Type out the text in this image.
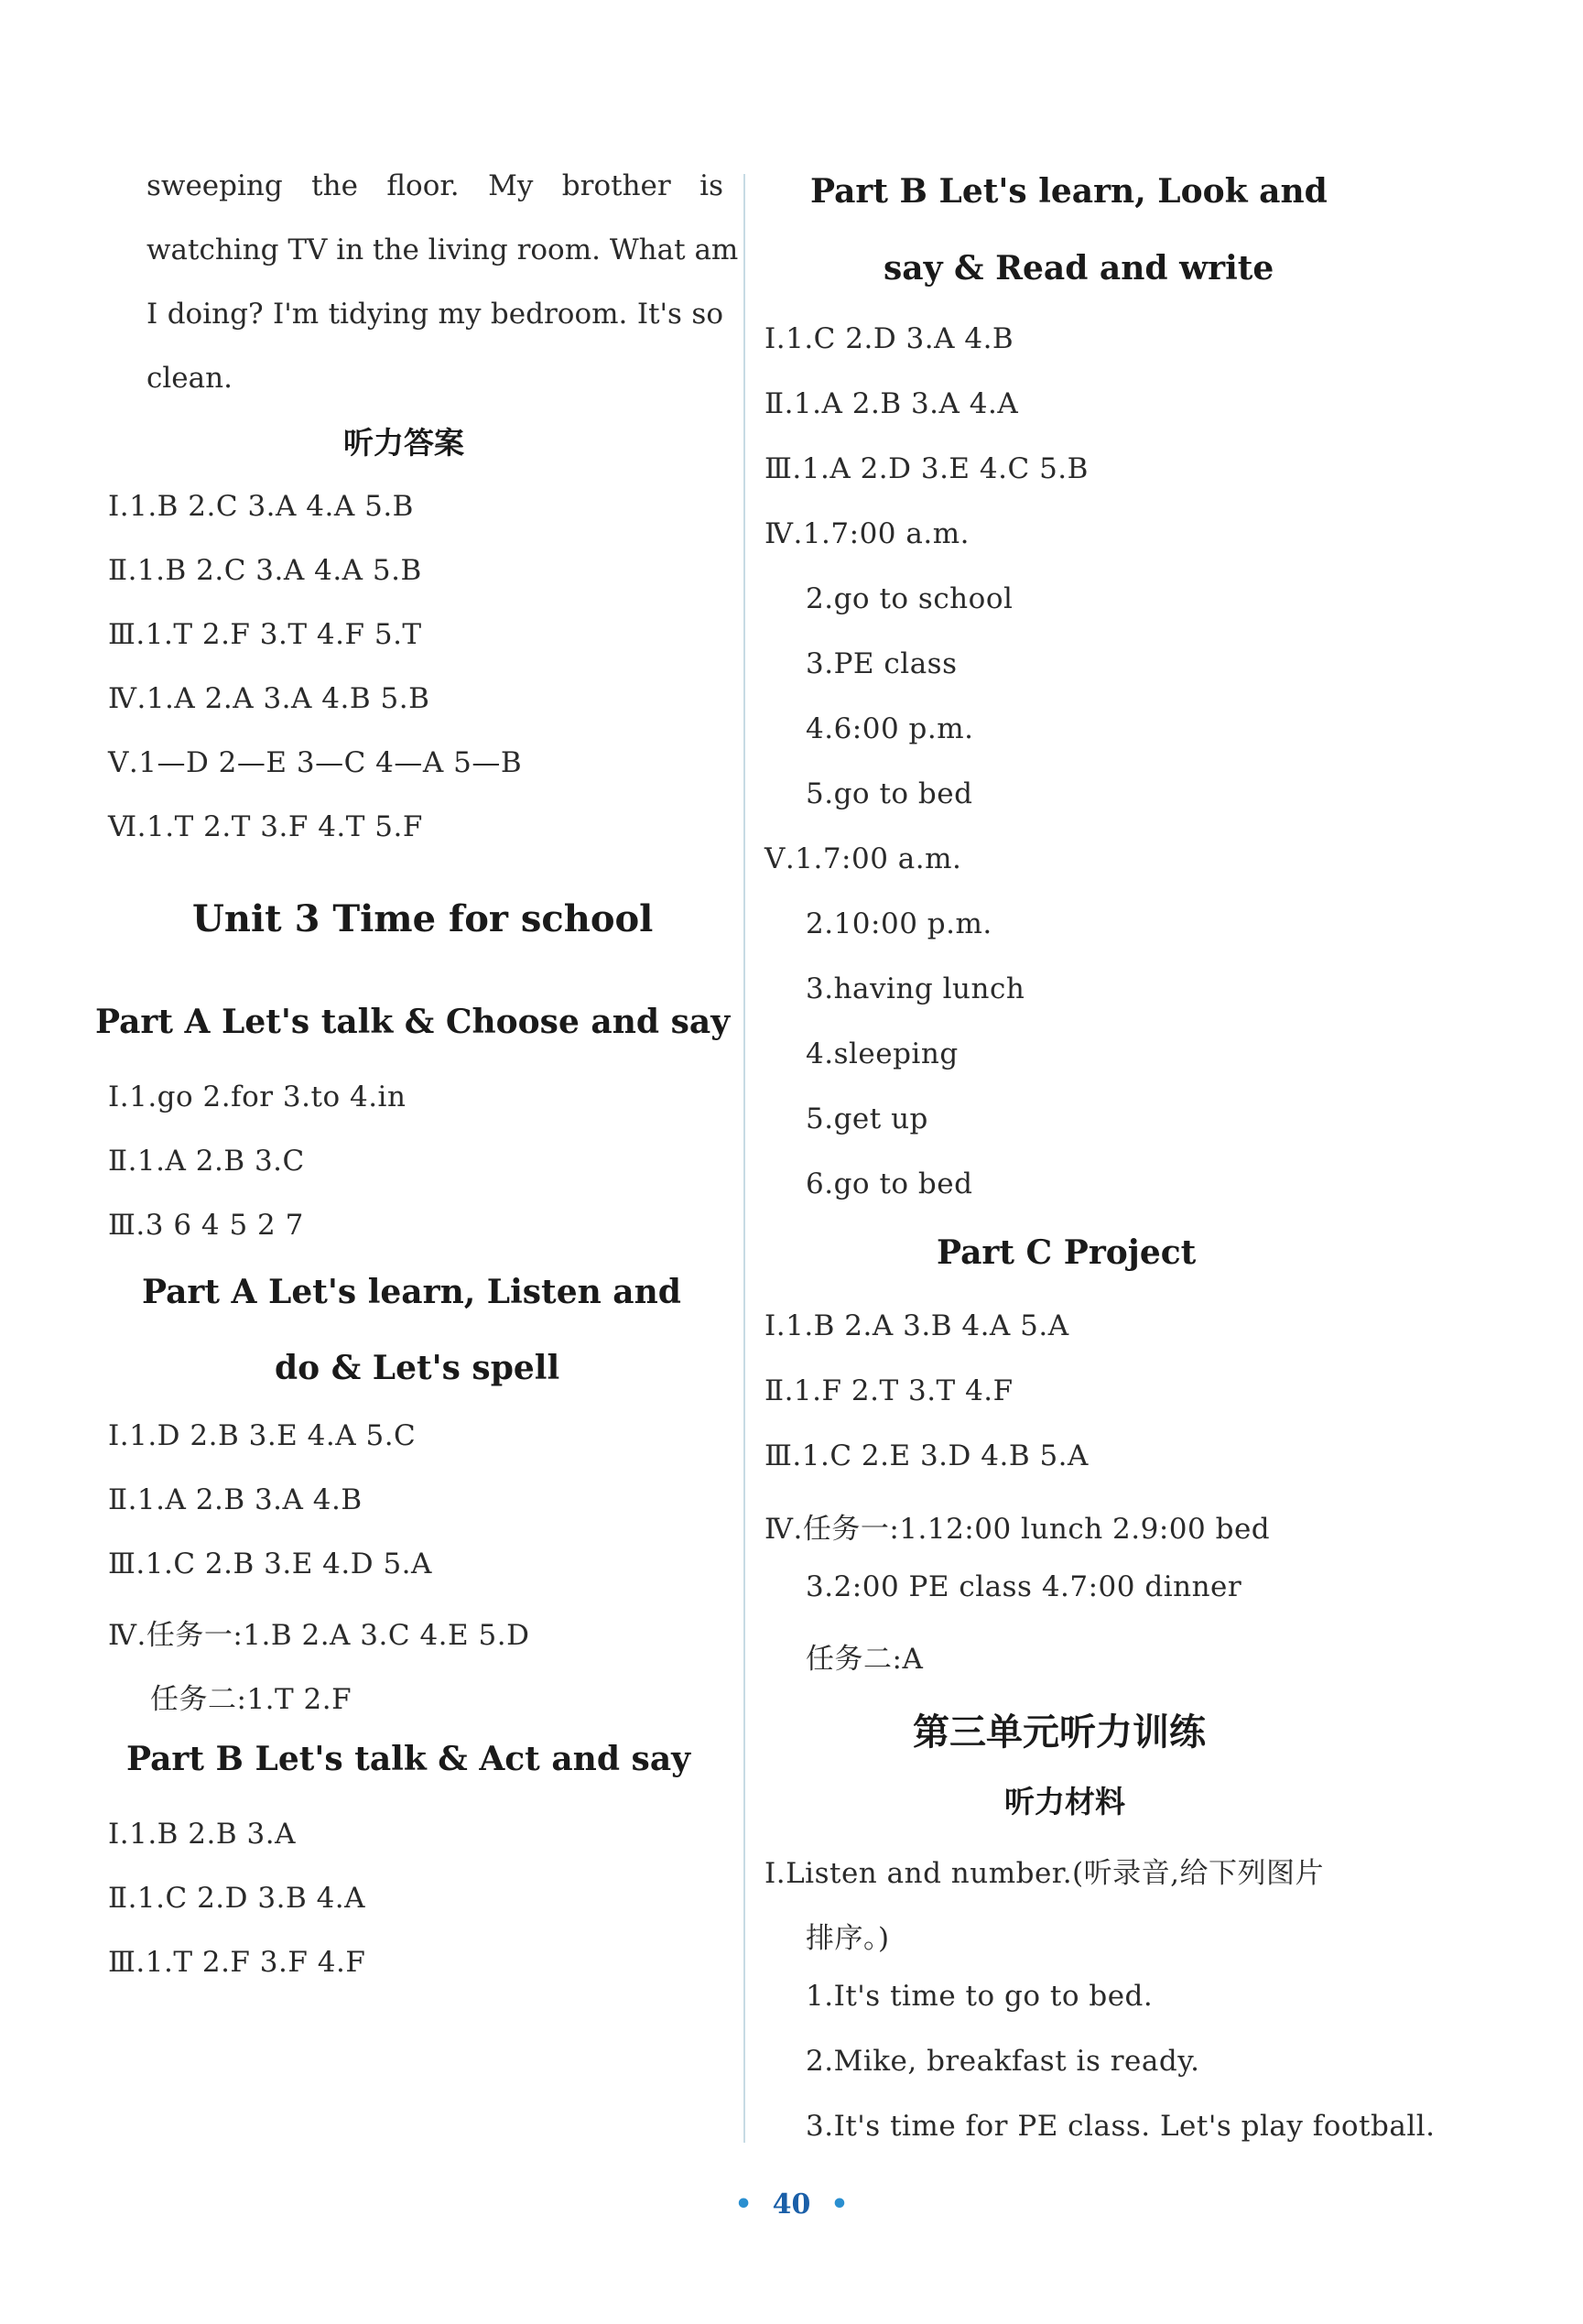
sweeping the floor. My brother is
watching TV in the living room. What am
I doing? I'm tidying my bedroom. It's so
clean.
听力答案
Ⅰ.1.B 2.C 3.A 4.A 5.B
Ⅱ.1.B 2.C 3.A 4.A 5.B
Ⅲ.1.T 2.F 3.T 4.F 5.T
Ⅳ.1.A 2.A 3.A 4.B 5.B
Ⅴ.1—D 2—E 3—C 4—A 5—B
Ⅵ.1.T 2.T 3.F 4.T 5.F
Unit 3 Time for school
Part A Let's talk & Choose and say
Ⅰ.1.go 2.for 3.to 4.in
Ⅱ.1.A 2.B 3.C
Ⅲ.3 6 4 5 2 7
Part A Let's learn, Listen and
do & Let's spell
Ⅰ.1.D 2.B 3.E 4.A 5.C
Ⅱ.1.A 2.B 3.A 4.B
Ⅲ.1.C 2.B 3.E 4.D 5.A
Ⅳ.任务一:1.B 2.A 3.C 4.E 5.D
任务二:1.T 2.F
Part B Let's talk & Act and say
Ⅰ.1.B 2.B 3.A
Ⅱ.1.C 2.D 3.B 4.A
Ⅲ.1.T 2.F 3.F 4.F
Part B Let's learn, Look and
say & Read and write
Ⅰ.1.C 2.D 3.A 4.B
Ⅱ.1.A 2.B 3.A 4.A
Ⅲ.1.A 2.D 3.E 4.C 5.B
Ⅳ.1.7:00 a.m.
2.go to school
3.PE class
4.6:00 p.m.
5.go to bed
Ⅴ.1.7:00 a.m.
2.10:00 p.m.
3.having lunch
4.sleeping
5.get up
6.go to bed
Part C Project
Ⅰ.1.B 2.A 3.B 4.A 5.A
Ⅱ.1.F 2.T 3.T 4.F
Ⅲ.1.C 2.E 3.D 4.B 5.A
Ⅳ.任务一:1.12:00 lunch 2.9:00 bed
3.2:00 PE class 4.7:00 dinner
任务二:A
第三单元听力训练
听力材料
Ⅰ.Listen and number.(听录音,给下列图片
排序。)
1.It's time to go to bed.
2.Mike, breakfast is ready.
3.It's time for PE class. Let's play football.
• 40 •
